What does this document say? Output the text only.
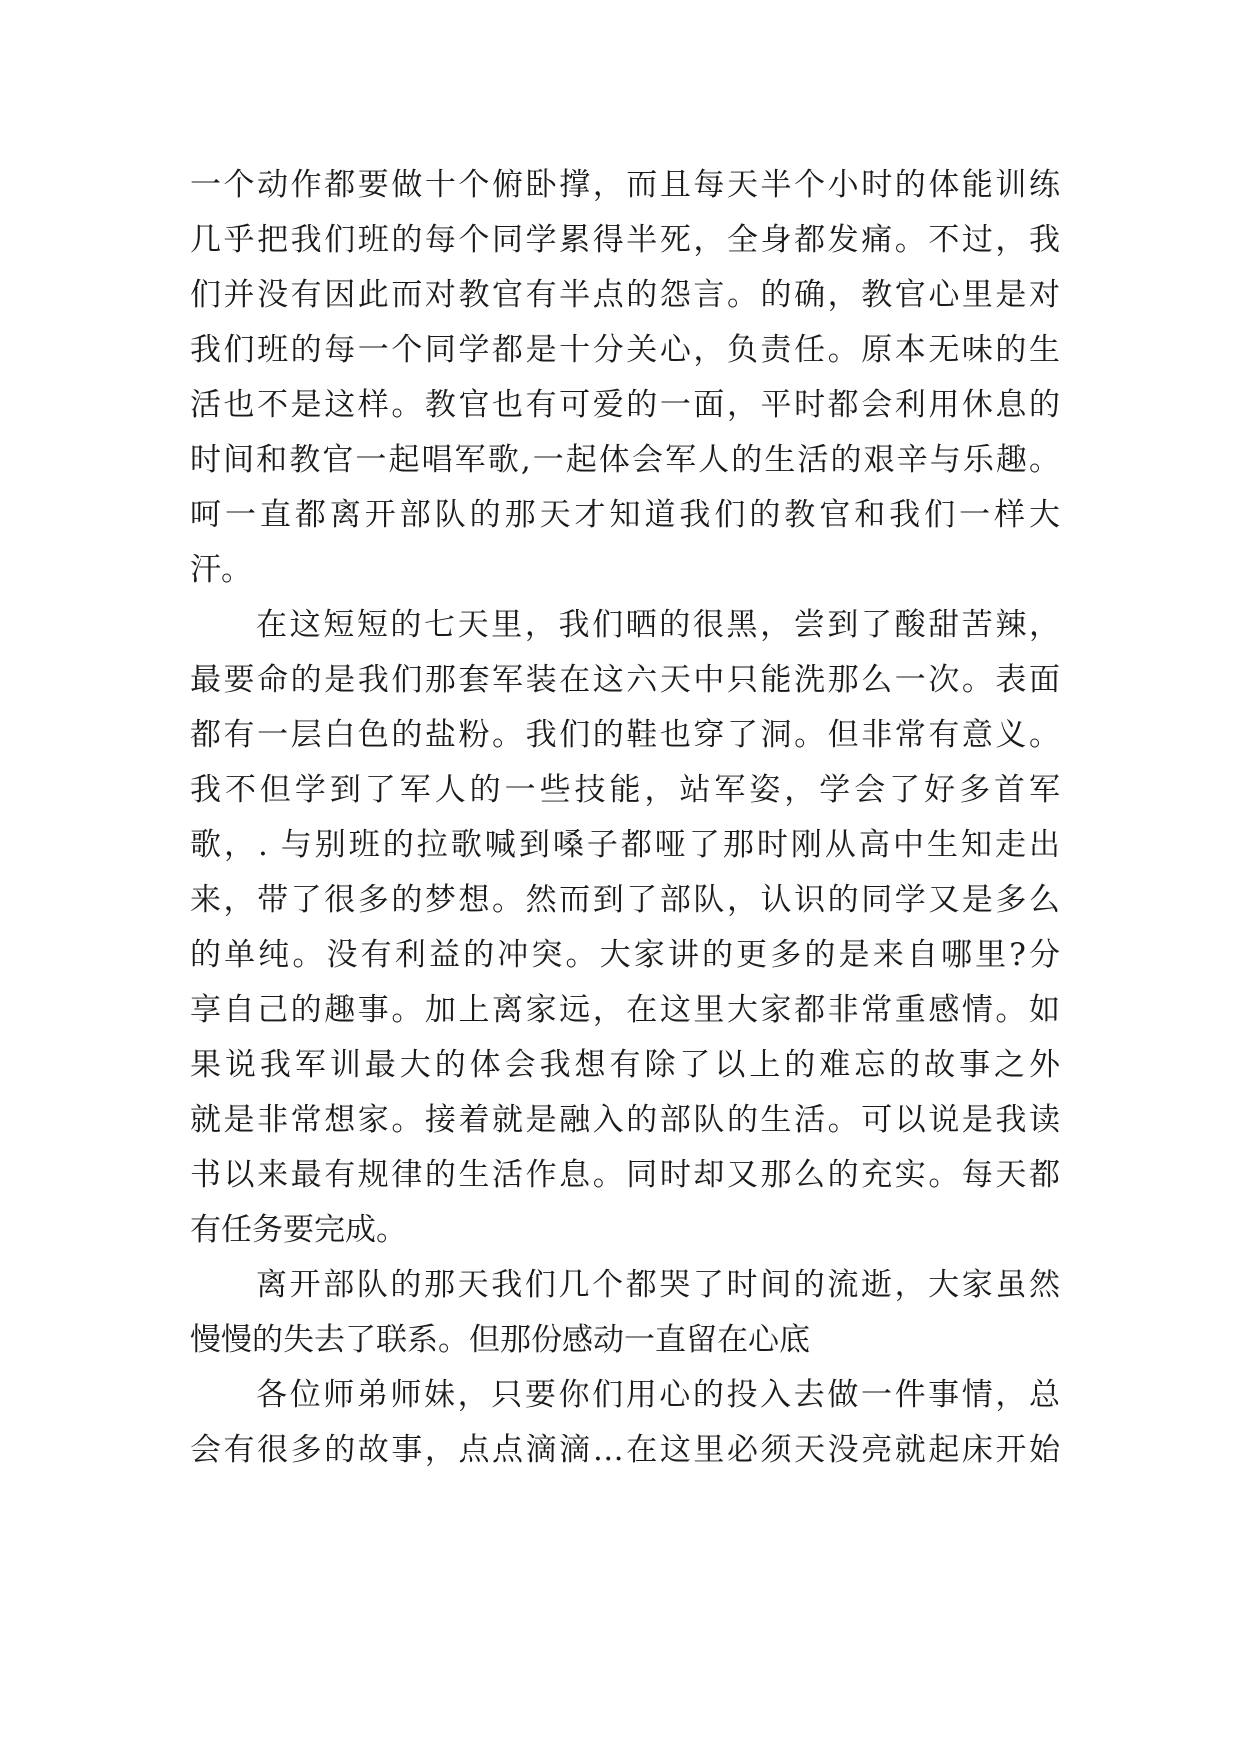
一个动作都要做十个俯卧撑，而且每天半个小时的体能训练
几乎把我们班的每个同学累得半死，全身都发痛。不过，我
们并没有因此而对教官有半点的怨言。的确，教官心里是对
我们班的每一个同学都是十分关心，负责任。原本无味的生
活也不是这样。教官也有可爱的一面，平时都会利用休息的
时间和教官一起唱军歌,一起体会军人的生活的艰辛与乐趣。
呵一直都离开部队的那天才知道我们的教官和我们一样大
汗。
在这短短的七天里，我们晒的很黑，尝到了酸甜苦辣，
最要命的是我们那套军装在这六天中只能洗那么一次。表面
都有一层白色的盐粉。我们的鞋也穿了洞。但非常有意义。
我不但学到了军人的一些技能，站军姿，学会了好多首军
歌，. 与别班的拉歌喊到嗓子都哑了那时刚从高中生知走出
来，带了很多的梦想。然而到了部队，认识的同学又是多么
的单纯。没有利益的冲突。大家讲的更多的是来自哪里?分
享自己的趣事。加上离家远，在这里大家都非常重感情。如
果说我军训最大的体会我想有除了以上的难忘的故事之外
就是非常想家。接着就是融入的部队的生活。可以说是我读
书以来最有规律的生活作息。同时却又那么的充实。每天都
有任务要完成。
离开部队的那天我们几个都哭了时间的流逝，大家虽然
慢慢的失去了联系。但那份感动一直留在心底
各位师弟师妹，只要你们用心的投入去做一件事情，总
会有很多的故事，点点滴滴…在这里必须天没亮就起床开始
